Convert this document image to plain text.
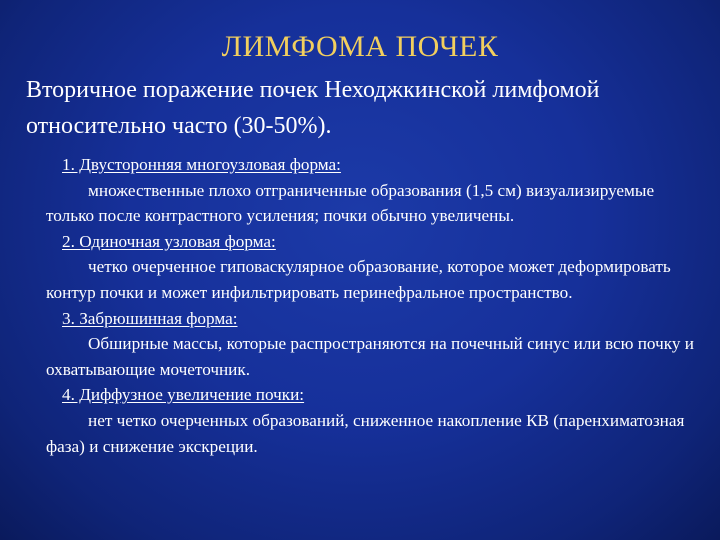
ЛИМФОМА ПОЧЕК
Вторичное поражение почек Неходжкинской лимфомой относительно часто (30-50%).
1. Двусторонняя многоузловая форма:

множественные плохо отграниченные образования (1,5 см) визуализируемые только после контрастного усиления; почки обычно увеличены.

2. Одиночная узловая форма:

четко очерченное гиповаскулярное образование, которое может деформировать контур почки и может инфильтрировать перинефральное пространство.

3. Забрюшинная форма:

Обширные массы, которые распространяются на почечный синус или всю почку и охватывающие мочеточник.

4. Диффузное увеличение почки:

нет четко очерченных образований, сниженное накопление КВ (паренхиматозная фаза) и снижение экскреции.
